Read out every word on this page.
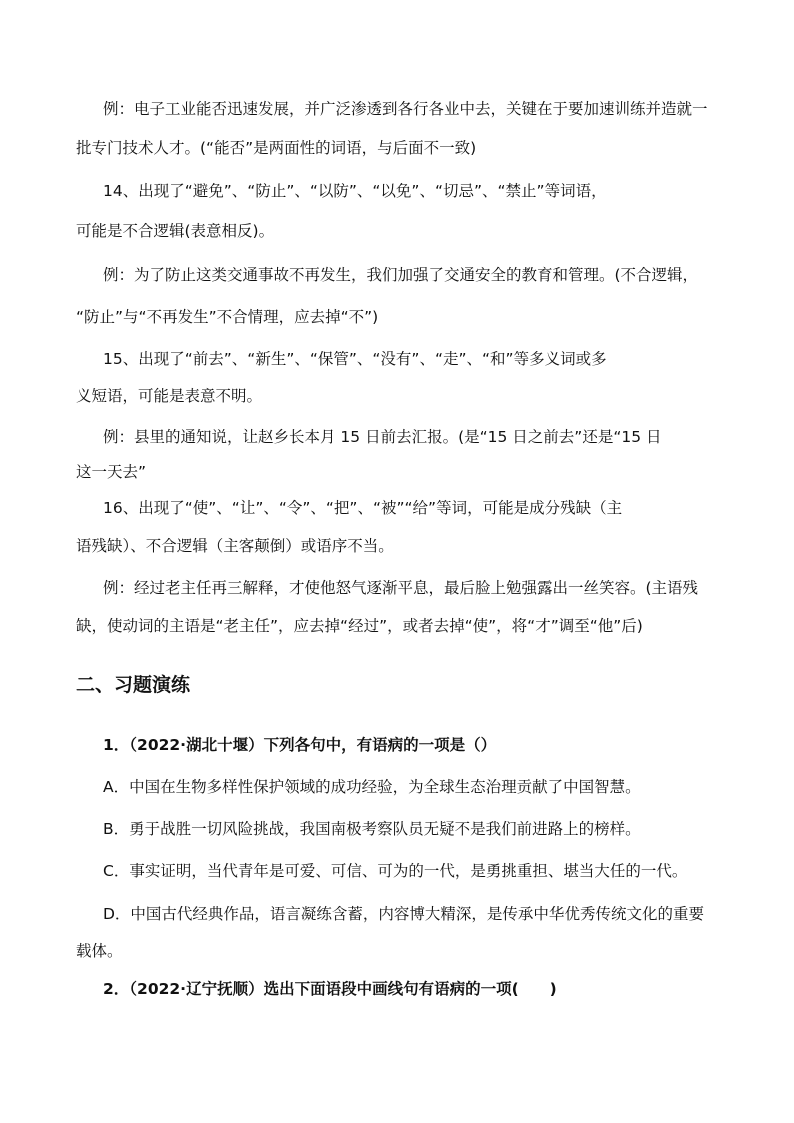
例：电子工业能否迅速发展，并广泛渗透到各行各业中去，关键在于要加速训练并造就一

批专门技术人才。(“能否”是两面性的词语，与后面不一致)

14、出现了“避免”、“防止”、“以防”、“以免”、“切忌”、“禁止”等词语，

可能是不合逻辑(表意相反)。

例：为了防止这类交通事故不再发生，我们加强了交通安全的教育和管理。(不合逻辑，

“防止”与“不再发生”不合情理，应去掉“不”)

15、出现了“前去”、“新生”、“保管”、“没有”、“走”、“和”等多义词或多

义短语，可能是表意不明。

例：县里的通知说，让赵乡长本月 15 日前去汇报。(是“15 日之前去”还是“15 日

这一天去”

16、出现了“使”、“让”、“令”、“把”、“被”“给”等词，可能是成分残缺（主

语残缺）、不合逻辑（主客颠倒）或语序不当。

例：经过老主任再三解释，才使他怒气逐渐平息，最后脸上勉强露出一丝笑容。(主语残

缺，使动词的主语是“老主任”，应去掉“经过”，或者去掉“使”，将“才”调至“他”后)

二、习题演练

1．（2022·湖北十堰）下列各句中，有语病的一项是（）

A．中国在生物多样性保护领域的成功经验，为全球生态治理贡献了中国智慧。

B．勇于战胜一切风险挑战，我国南极考察队员无疑不是我们前进路上的榜样。

C．事实证明，当代青年是可爱、可信、可为的一代，是勇挑重担、堪当大任的一代。

D．中国古代经典作品，语言凝练含蓄，内容博大精深，是传承中华优秀传统文化的重要

载体。

2．（2022·辽宁抚顺）选出下面语段中画线句有语病的一项(　　)
